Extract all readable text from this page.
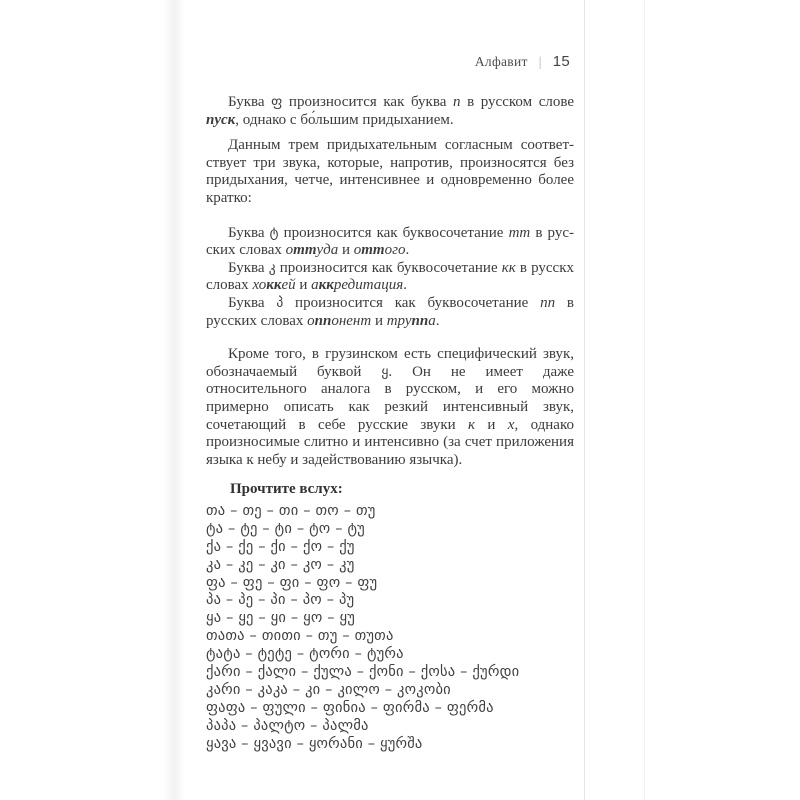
Алфавит | 15

Буква ფ произносится как буква п в русском слове пуск, однако с бо́льшим придыханием.

Данным трем придыхательным согласным соответствует три звука, которые, напротив, произносятся без придыхания, четче, интенсивнее и одновременно более кратко:

Буква ტ произносится как буквосочетание тт в русских словах оттуда и оттого.

Буква კ произносится как буквосочетание кк в русскх словах хоккей и аккредитация.

Буква პ произносится как буквосочетание пп в русских словах оппонент и труппа.

Кроме того, в грузинском есть специфический звук, обозначаемый буквой ყ. Он не имеет даже относительного аналога в русском, и его можно примерно описать как резкий интенсивный звук, сочетающий в себе русские звуки к и х, однако произносимые слитно и интенсивно (за счет приложения языка к небу и задействованию язычка).

Прочтите вслух:

თა – თე – თი – თო – თუ
ტა – ტე – ტი – ტო – ტუ
ქა – ქე – ქი – ქო – ქუ
კა – კე – კი – კო – კუ
ფა – ფე – ფი – ფო – ფუ
პა – პე – პი – პო – პუ
ყა – ყე – ყი – ყო – ყუ
თათა – თითი – თუ – თუთა
ტატა – ტეტე – ტორი – ტურა
ქარი – ქალი – ქულა – ქონი – ქოსა – ქურდი
კარი – კაკა – კი – კილო – კოკობი
ფაფა – ფული – ფინია – ფირმა – ფერმა
პაპა – პალტო – პალმა
ყავა – ყვავი – ყორანი – ყურშა
